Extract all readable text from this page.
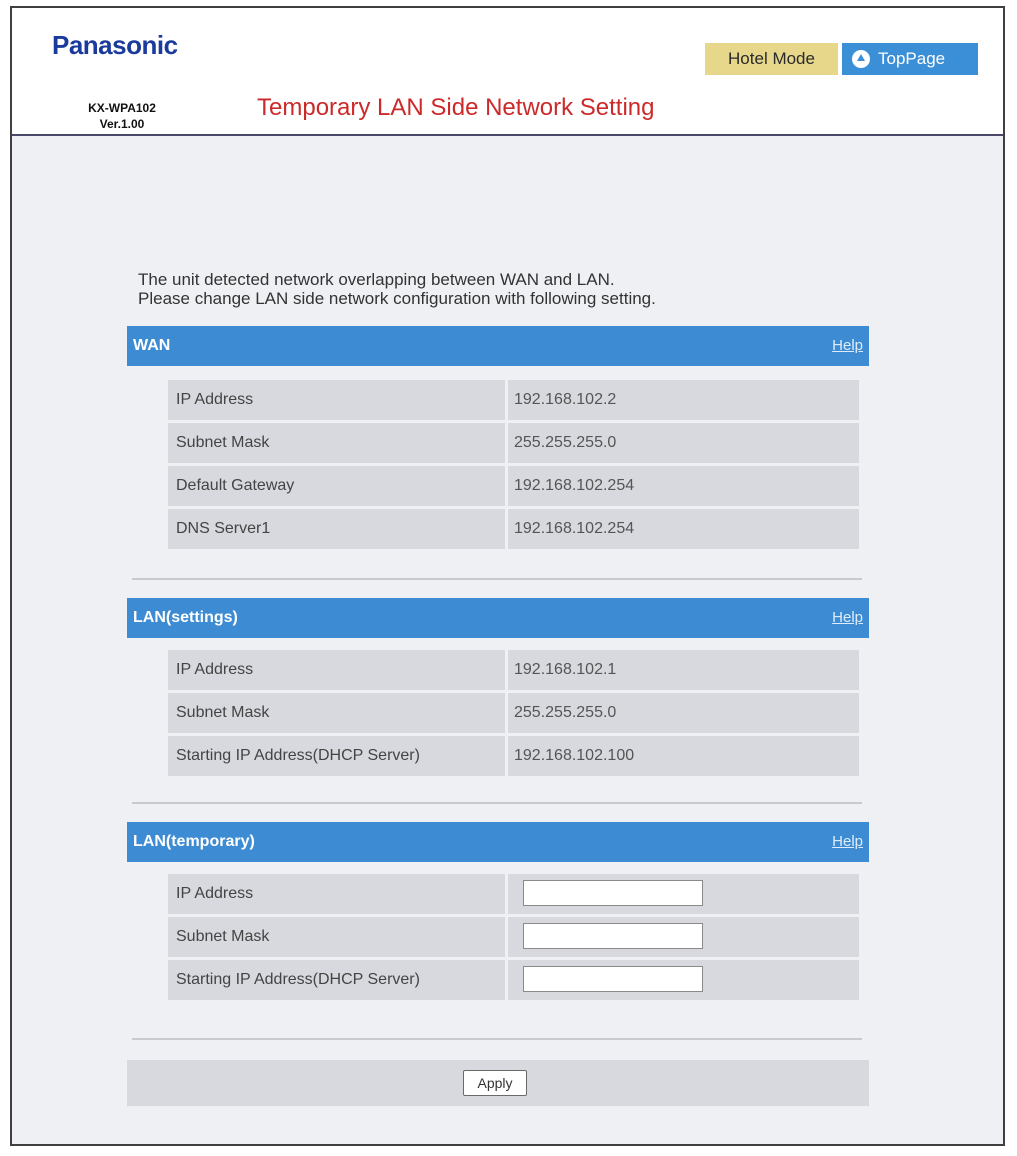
Panasonic
KX-WPA102
Ver.1.00
Temporary LAN Side Network Setting
Hotel Mode	TopPage
The unit detected network overlapping between WAN and LAN.
Please change LAN side network configuration with following setting.
WAN	Help
IP Address	192.168.102.2
Subnet Mask	255.255.255.0
Default Gateway	192.168.102.254
DNS Server1	192.168.102.254
LAN(settings)	Help
IP Address	192.168.102.1
Subnet Mask	255.255.255.0
Starting IP Address(DHCP Server)	192.168.102.100
LAN(temporary)	Help
IP Address
Subnet Mask
Starting IP Address(DHCP Server)
Apply
